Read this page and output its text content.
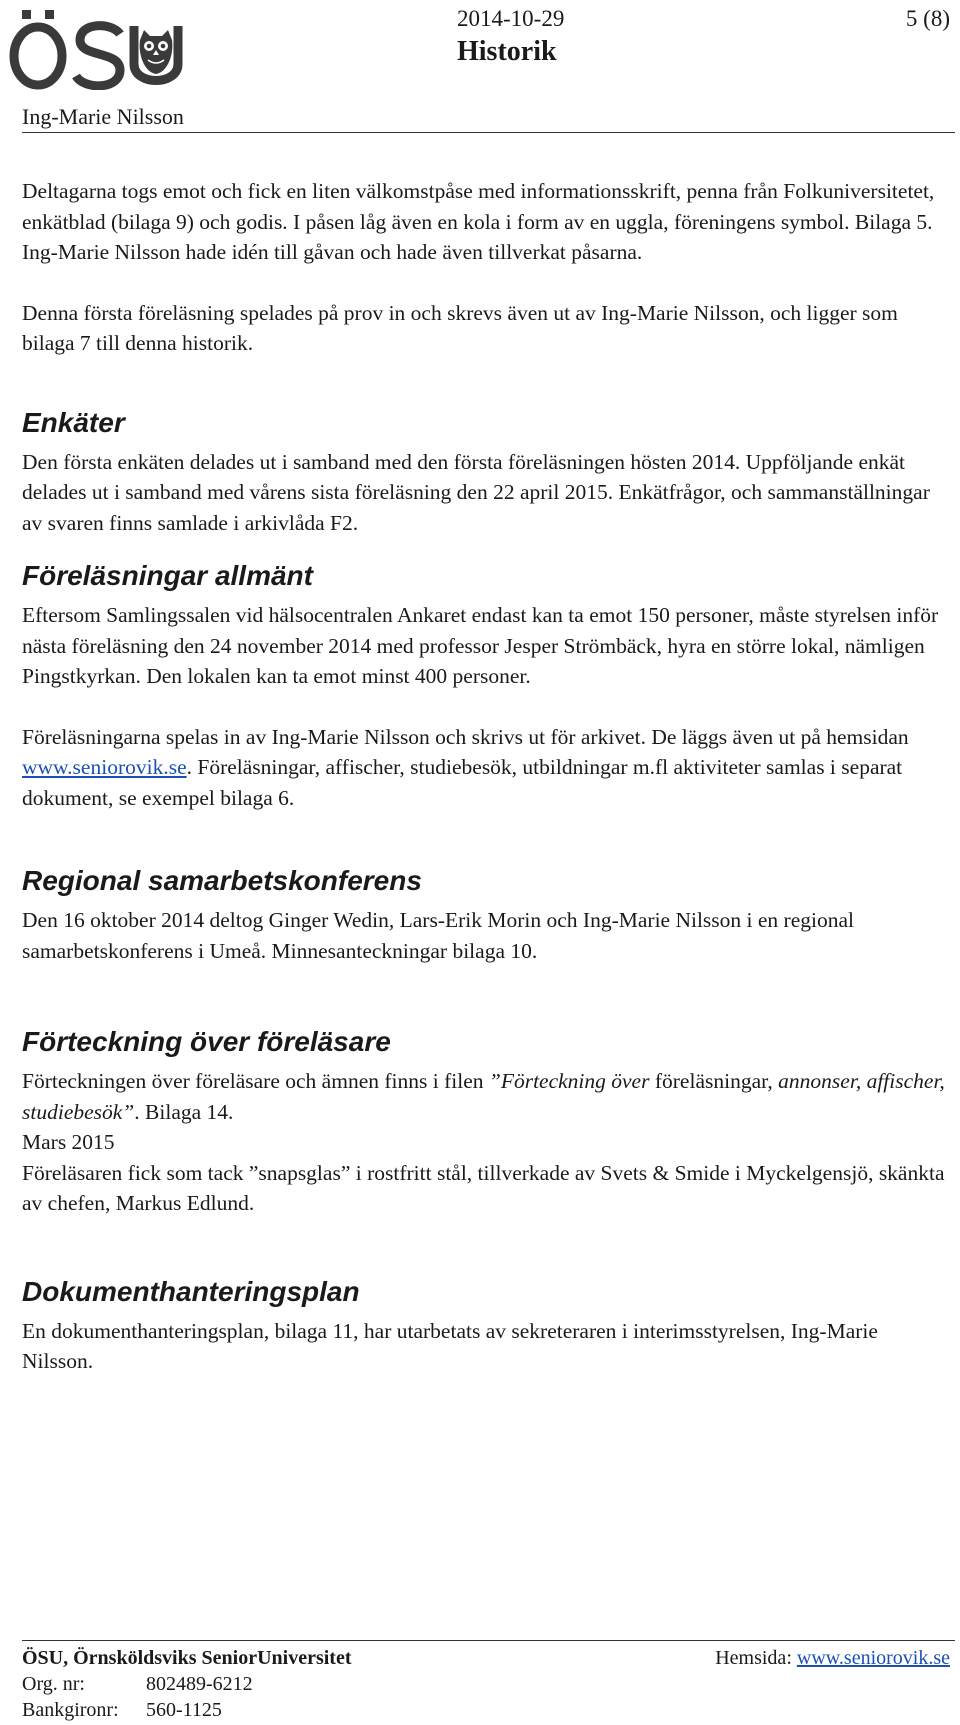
2014-10-29	5 (8)
Historik
Ing-Marie Nilsson

Deltagarna togs emot och fick en liten välkomstpåse med informationsskrift, penna från Folkuniversitetet, enkätblad (bilaga 9) och godis. I påsen låg även en kola i form av en uggla, föreningens symbol. Bilaga 5. Ing-Marie Nilsson hade idén till gåvan och hade även tillverkat påsarna.

Denna första föreläsning spelades på prov in och skrevs även ut av Ing-Marie Nilsson, och ligger som bilaga 7 till denna historik.

Enkäter

Den första enkäten delades ut i samband med den första föreläsningen hösten 2014. Uppföljande enkät delades ut i samband med vårens sista föreläsning den 22 april 2015. Enkätfrågor, och sammanställningar av svaren finns samlade i arkivlåda F2.

Föreläsningar allmänt

Eftersom Samlingssalen vid hälsocentralen Ankaret endast kan ta emot 150 personer, måste styrelsen inför nästa föreläsning den 24 november 2014 med professor Jesper Strömbäck, hyra en större lokal, nämligen Pingstkyrkan. Den lokalen kan ta emot minst 400 personer.

Föreläsningarna spelas in av Ing-Marie Nilsson och skrivs ut för arkivet. De läggs även ut på hemsidan www.seniorovik.se. Föreläsningar, affischer, studiebesök, utbildningar m.fl aktiviteter samlas i separat dokument, se exempel bilaga 6.

Regional samarbetskonferens

Den 16 oktober 2014 deltog Ginger Wedin, Lars-Erik Morin och Ing-Marie Nilsson i en regional samarbetskonferens i Umeå. Minnesanteckningar bilaga 10.

Förteckning över föreläsare

Förteckningen över föreläsare och ämnen finns i filen ”Förteckning över föreläsningar, annonser, affischer, studiebesök”. Bilaga 14.

Mars 2015

Föreläsaren fick som tack ”snapsglas” i rostfritt stål, tillverkade av Svets & Smide i Myckelgensjö, skänkta av chefen, Markus Edlund.

Dokumenthanteringsplan

En dokumenthanteringsplan, bilaga 11, har utarbetats av sekreteraren i interimsstyrelsen, Ing-Marie Nilsson.

ÖSU, Örnsköldsviks SeniorUniversitet	Hemsida: www.seniorovik.se
Org. nr:	802489-6212
Bankgironr: 560-1125
